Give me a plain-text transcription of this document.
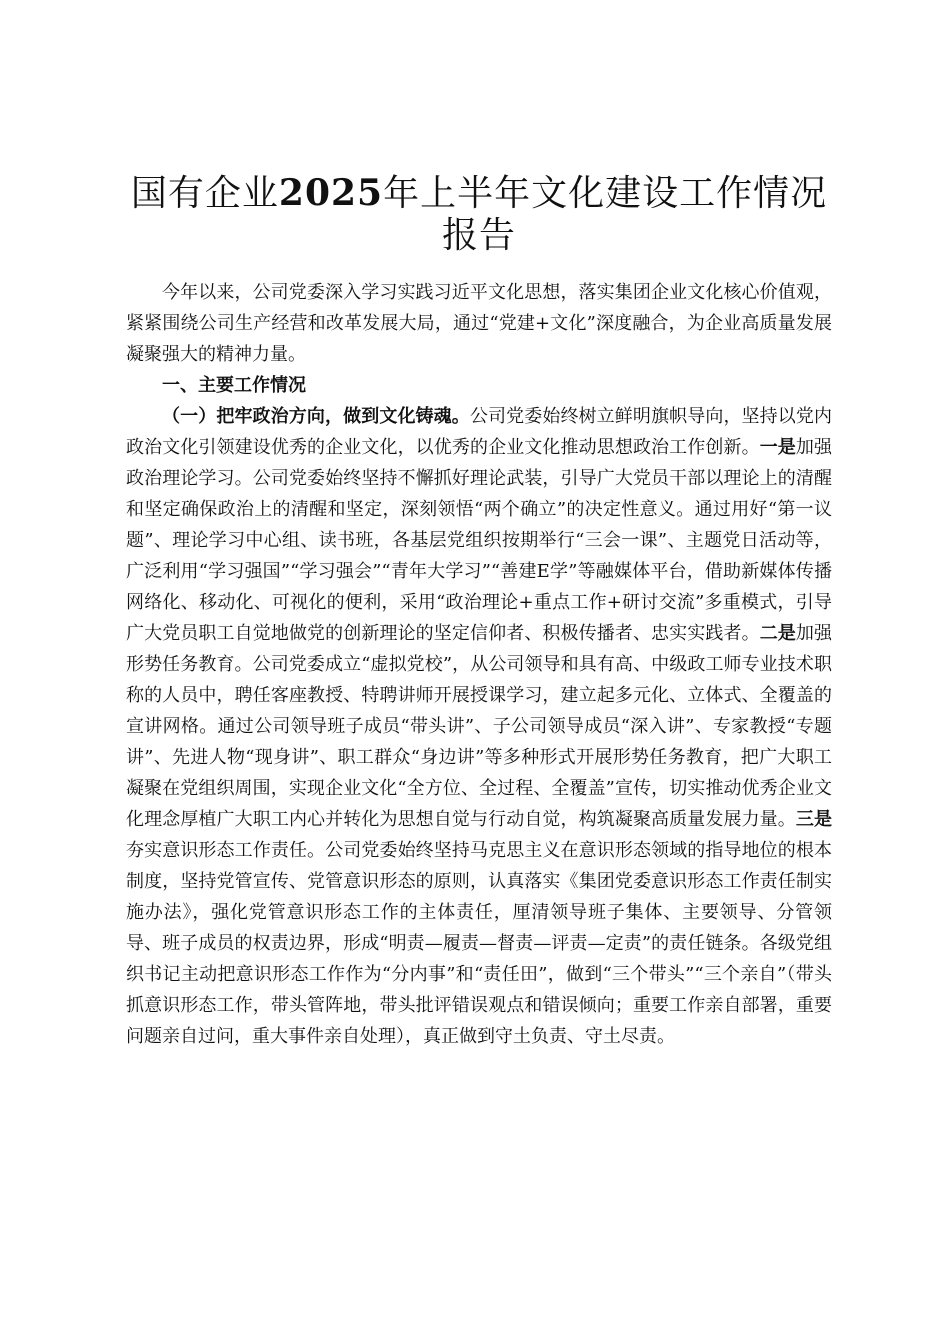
国有企业2025年上半年文化建设工作情况报告

今年以来，公司党委深入学习实践习近平文化思想，落实集团企业文化核心价值观，紧紧围绕公司生产经营和改革发展大局，通过“党建+文化”深度融合，为企业高质量发展凝聚强大的精神力量。

一、主要工作情况

（一）把牢政治方向，做到文化铸魂。公司党委始终树立鲜明旗帜导向，坚持以党内政治文化引领建设优秀的企业文化，以优秀的企业文化推动思想政治工作创新。一是加强政治理论学习。公司党委始终坚持不懈抓好理论武装，引导广大党员干部以理论上的清醒和坚定确保政治上的清醒和坚定，深刻领悟“两个确立”的决定性意义。通过用好“第一议题”、理论学习中心组、读书班，各基层党组织按期举行“三会一课”、主题党日活动等，广泛利用“学习强国”“学习强会”“青年大学习”“善建E学”等融媒体平台，借助新媒体传播网络化、移动化、可视化的便利，采用“政治理论+重点工作+研讨交流”多重模式，引导广大党员职工自觉地做党的创新理论的坚定信仰者、积极传播者、忠实实践者。二是加强形势任务教育。公司党委成立“虚拟党校”，从公司领导和具有高、中级政工师专业技术职称的人员中，聘任客座教授、特聘讲师开展授课学习，建立起多元化、立体式、全覆盖的宣讲网格。通过公司领导班子成员“带头讲”、子公司领导成员“深入讲”、专家教授“专题讲”、先进人物“现身讲”、职工群众“身边讲”等多种形式开展形势任务教育，把广大职工凝聚在党组织周围，实现企业文化“全方位、全过程、全覆盖”宣传，切实推动优秀企业文化理念厚植广大职工内心并转化为思想自觉与行动自觉，构筑凝聚高质量发展力量。三是夯实意识形态工作责任。公司党委始终坚持马克思主义在意识形态领域的指导地位的根本制度，坚持党管宣传、党管意识形态的原则，认真落实《集团党委意识形态工作责任制实施办法》，强化党管意识形态工作的主体责任，厘清领导班子集体、主要领导、分管领导、班子成员的权责边界，形成“明责—履责—督责—评责—定责”的责任链条。各级党组织书记主动把意识形态工作作为“分内事”和“责任田”，做到“三个带头”“三个亲自”（带头抓意识形态工作，带头管阵地，带头批评错误观点和错误倾向；重要工作亲自部署，重要问题亲自过问，重大事件亲自处理），真正做到守土负责、守土尽责。
